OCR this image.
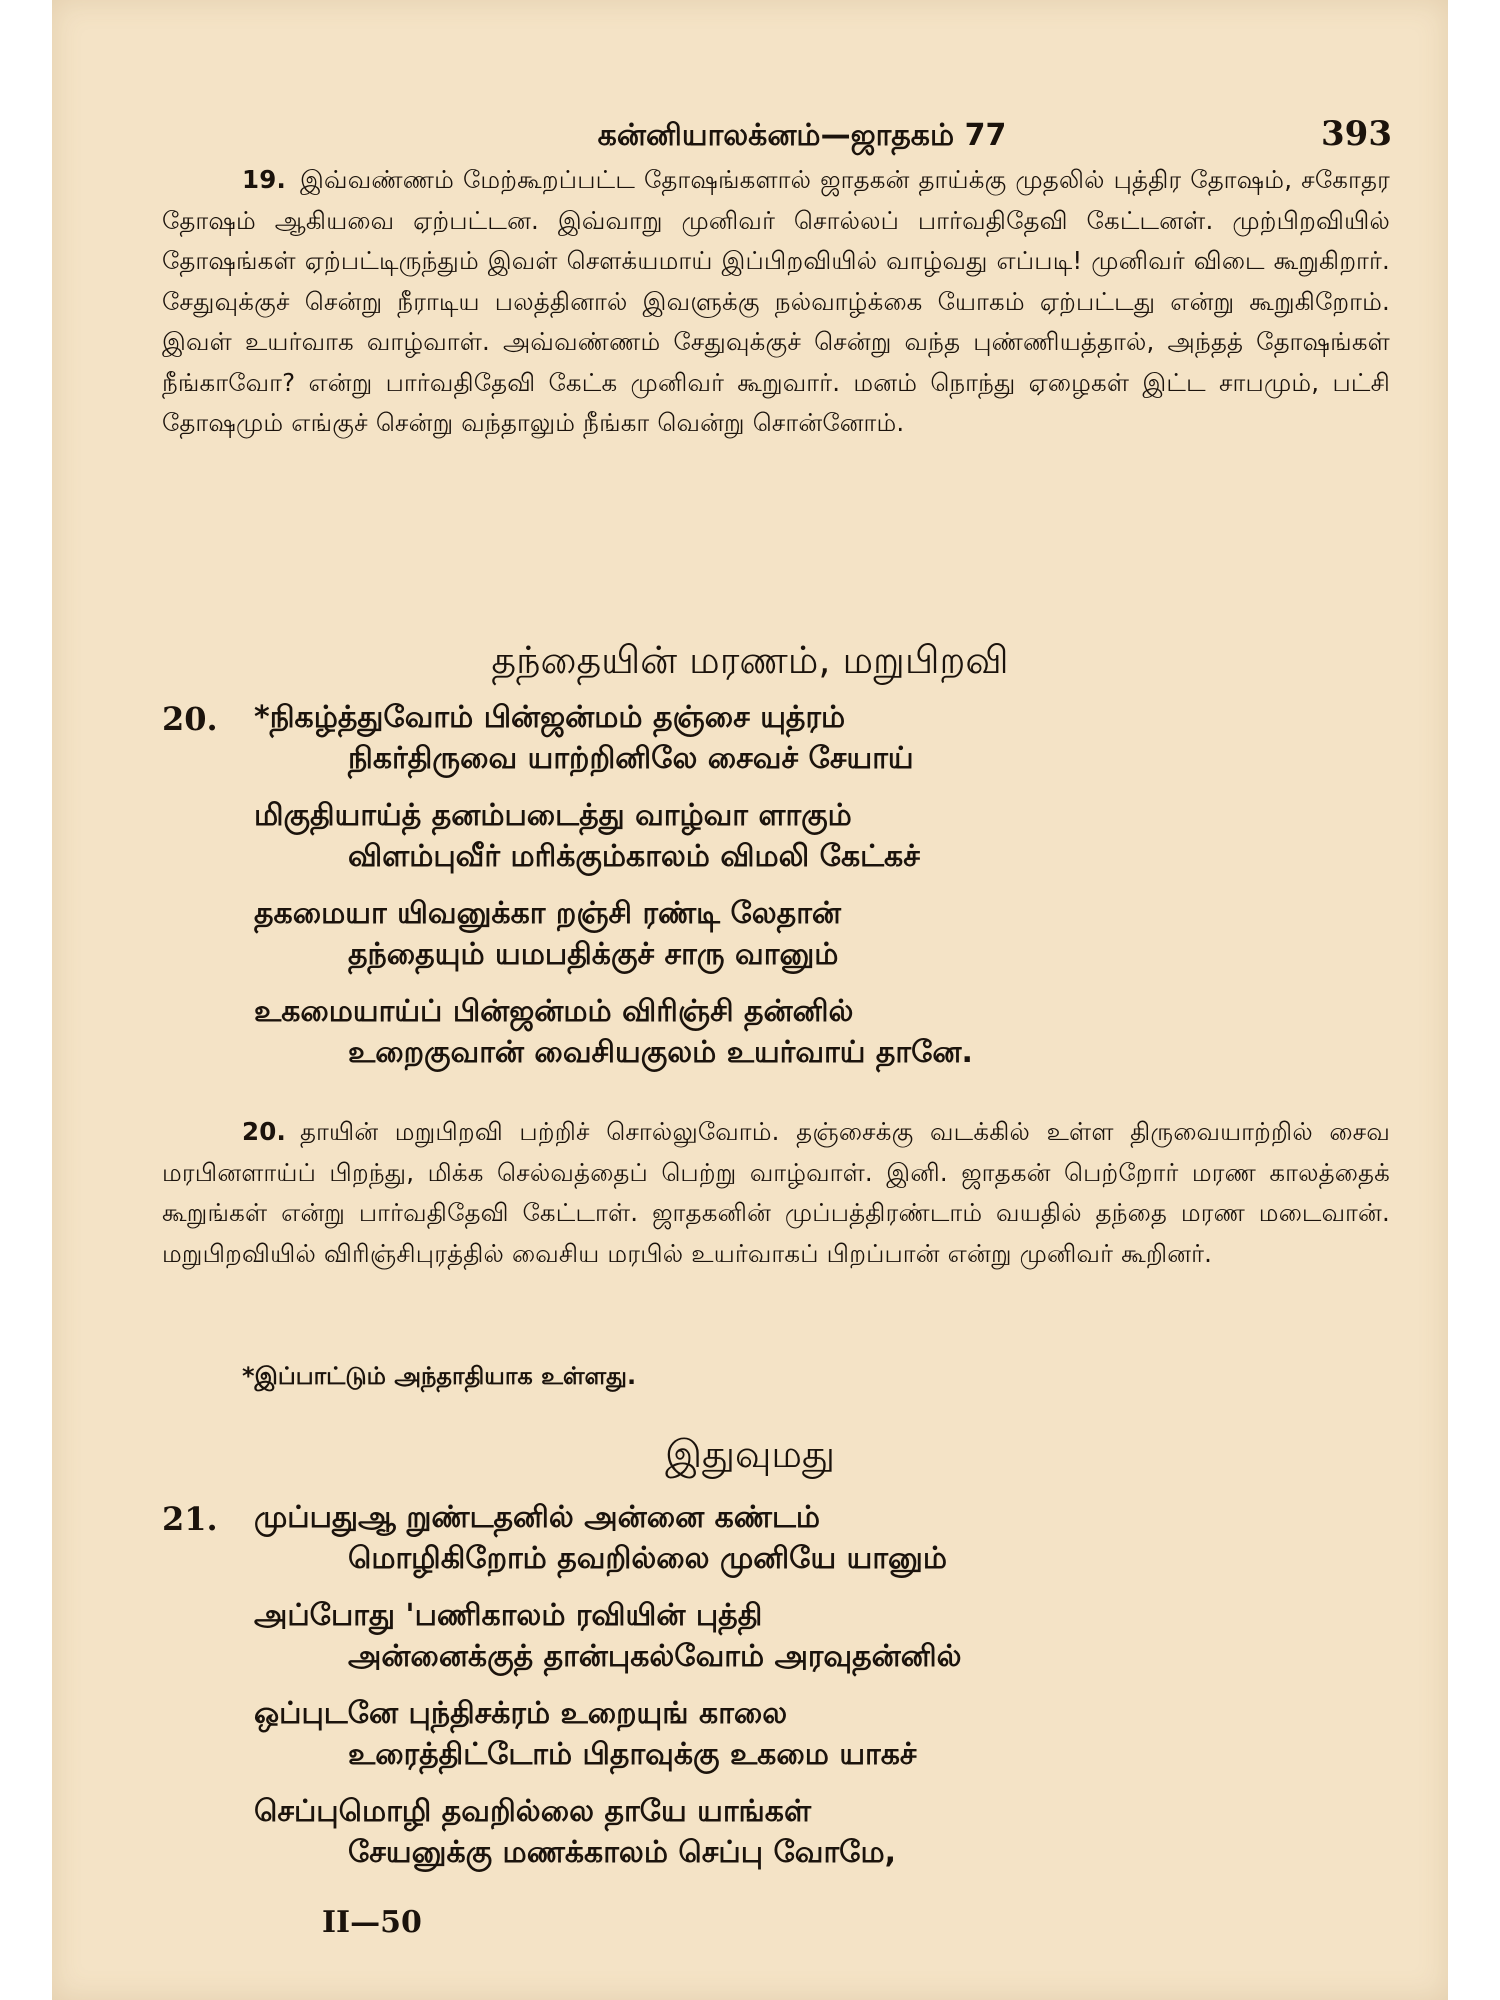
கன்னியாலக்னம்—ஜாதகம் 77	393
19. இவ்வண்ணம் மேற்கூறப்பட்ட தோஷங்களால் ஜாதகன் தாய்க்கு முதலில் புத்திர தோஷம், சகோதர தோஷம் ஆகியவை ஏற்பட்டன. இவ்வாறு முனிவர் சொல்லப் பார்வதிதேவி கேட்டனள். முற்பிறவியில் தோஷங்கள் ஏற்பட்டிருந்தும் இவள் சௌக்யமாய் இப்பிறவியில் வாழ்வது எப்படி! முனிவர் விடை கூறுகிறார். சேதுவுக்குச் சென்று நீராடிய பலத்தினால் இவளுக்கு நல்வாழ்க்கை யோகம் ஏற்பட்டது என்று கூறுகிறோம். இவள் உயர்வாக வாழ்வாள். அவ்வண்ணம் சேதுவுக்குச் சென்று வந்த புண்ணியத்தால், அந்தத் தோஷங்கள் நீங்காவோ? என்று பார்வதிதேவி கேட்க முனிவர் கூறுவார். மனம் நொந்து ஏழைகள் இட்ட சாபமும், பட்சி தோஷமும் எங்குச் சென்று வந்தாலும் நீங்கா வென்று சொன்னோம்.
தந்தையின் மரணம், மறுபிறவி
20. *நிகழ்த்துவோம் பின்ஜன்மம் தஞ்சை யுத்ரம்
நிகர்திருவை யாற்றினிலே சைவச் சேயாய்
மிகுதியாய்த் தனம்படைத்து வாழ்வா ளாகும்
விளம்புவீர் மரிக்கும்காலம் விமலி கேட்கச்
தகமையா யிவனுக்கா றஞ்சி ரண்டி லேதான்
தந்தையும் யமபதிக்குச் சாரு வானும்
உகமையாய்ப் பின்ஜன்மம் விரிஞ்சி தன்னில்
உறைகுவான் வைசியகுலம் உயர்வாய் தானே.
20. தாயின் மறுபிறவி பற்றிச் சொல்லுவோம். தஞ்சைக்கு வடக்கில் உள்ள திருவையாற்றில் சைவ மரபினளாய்ப் பிறந்து, மிக்க செல்வத்தைப் பெற்று வாழ்வாள். இனி. ஜாதகன் பெற்றோர் மரண காலத்தைக் கூறுங்கள் என்று பார்வதிதேவி கேட்டாள். ஜாதகனின் முப்பத்திரண்டாம் வயதில் தந்தை மரண மடைவான். மறுபிறவியில் விரிஞ்சிபுரத்தில் வைசிய மரபில் உயர்வாகப் பிறப்பான் என்று முனிவர் கூறினர்.
*இப்பாட்டும் அந்தாதியாக உள்ளது.
இதுவுமது
21. முப்பதுஆ றுண்டதனில் அன்னை கண்டம்
மொழிகிறோம் தவறில்லை முனியே யானும்
அப்போது 'பணிகாலம் ரவியின் புத்தி
அன்னைக்குத் தான்புகல்வோம் அரவுதன்னில்
ஒப்புடனே புந்திசக்ரம் உறையுங் காலை
உரைத்திட்டோம் பிதாவுக்கு உகமை யாகச்
செப்புமொழி தவறில்லை தாயே யாங்கள்
சேயனுக்கு மணக்காலம் செப்பு வோமே,
II—50
